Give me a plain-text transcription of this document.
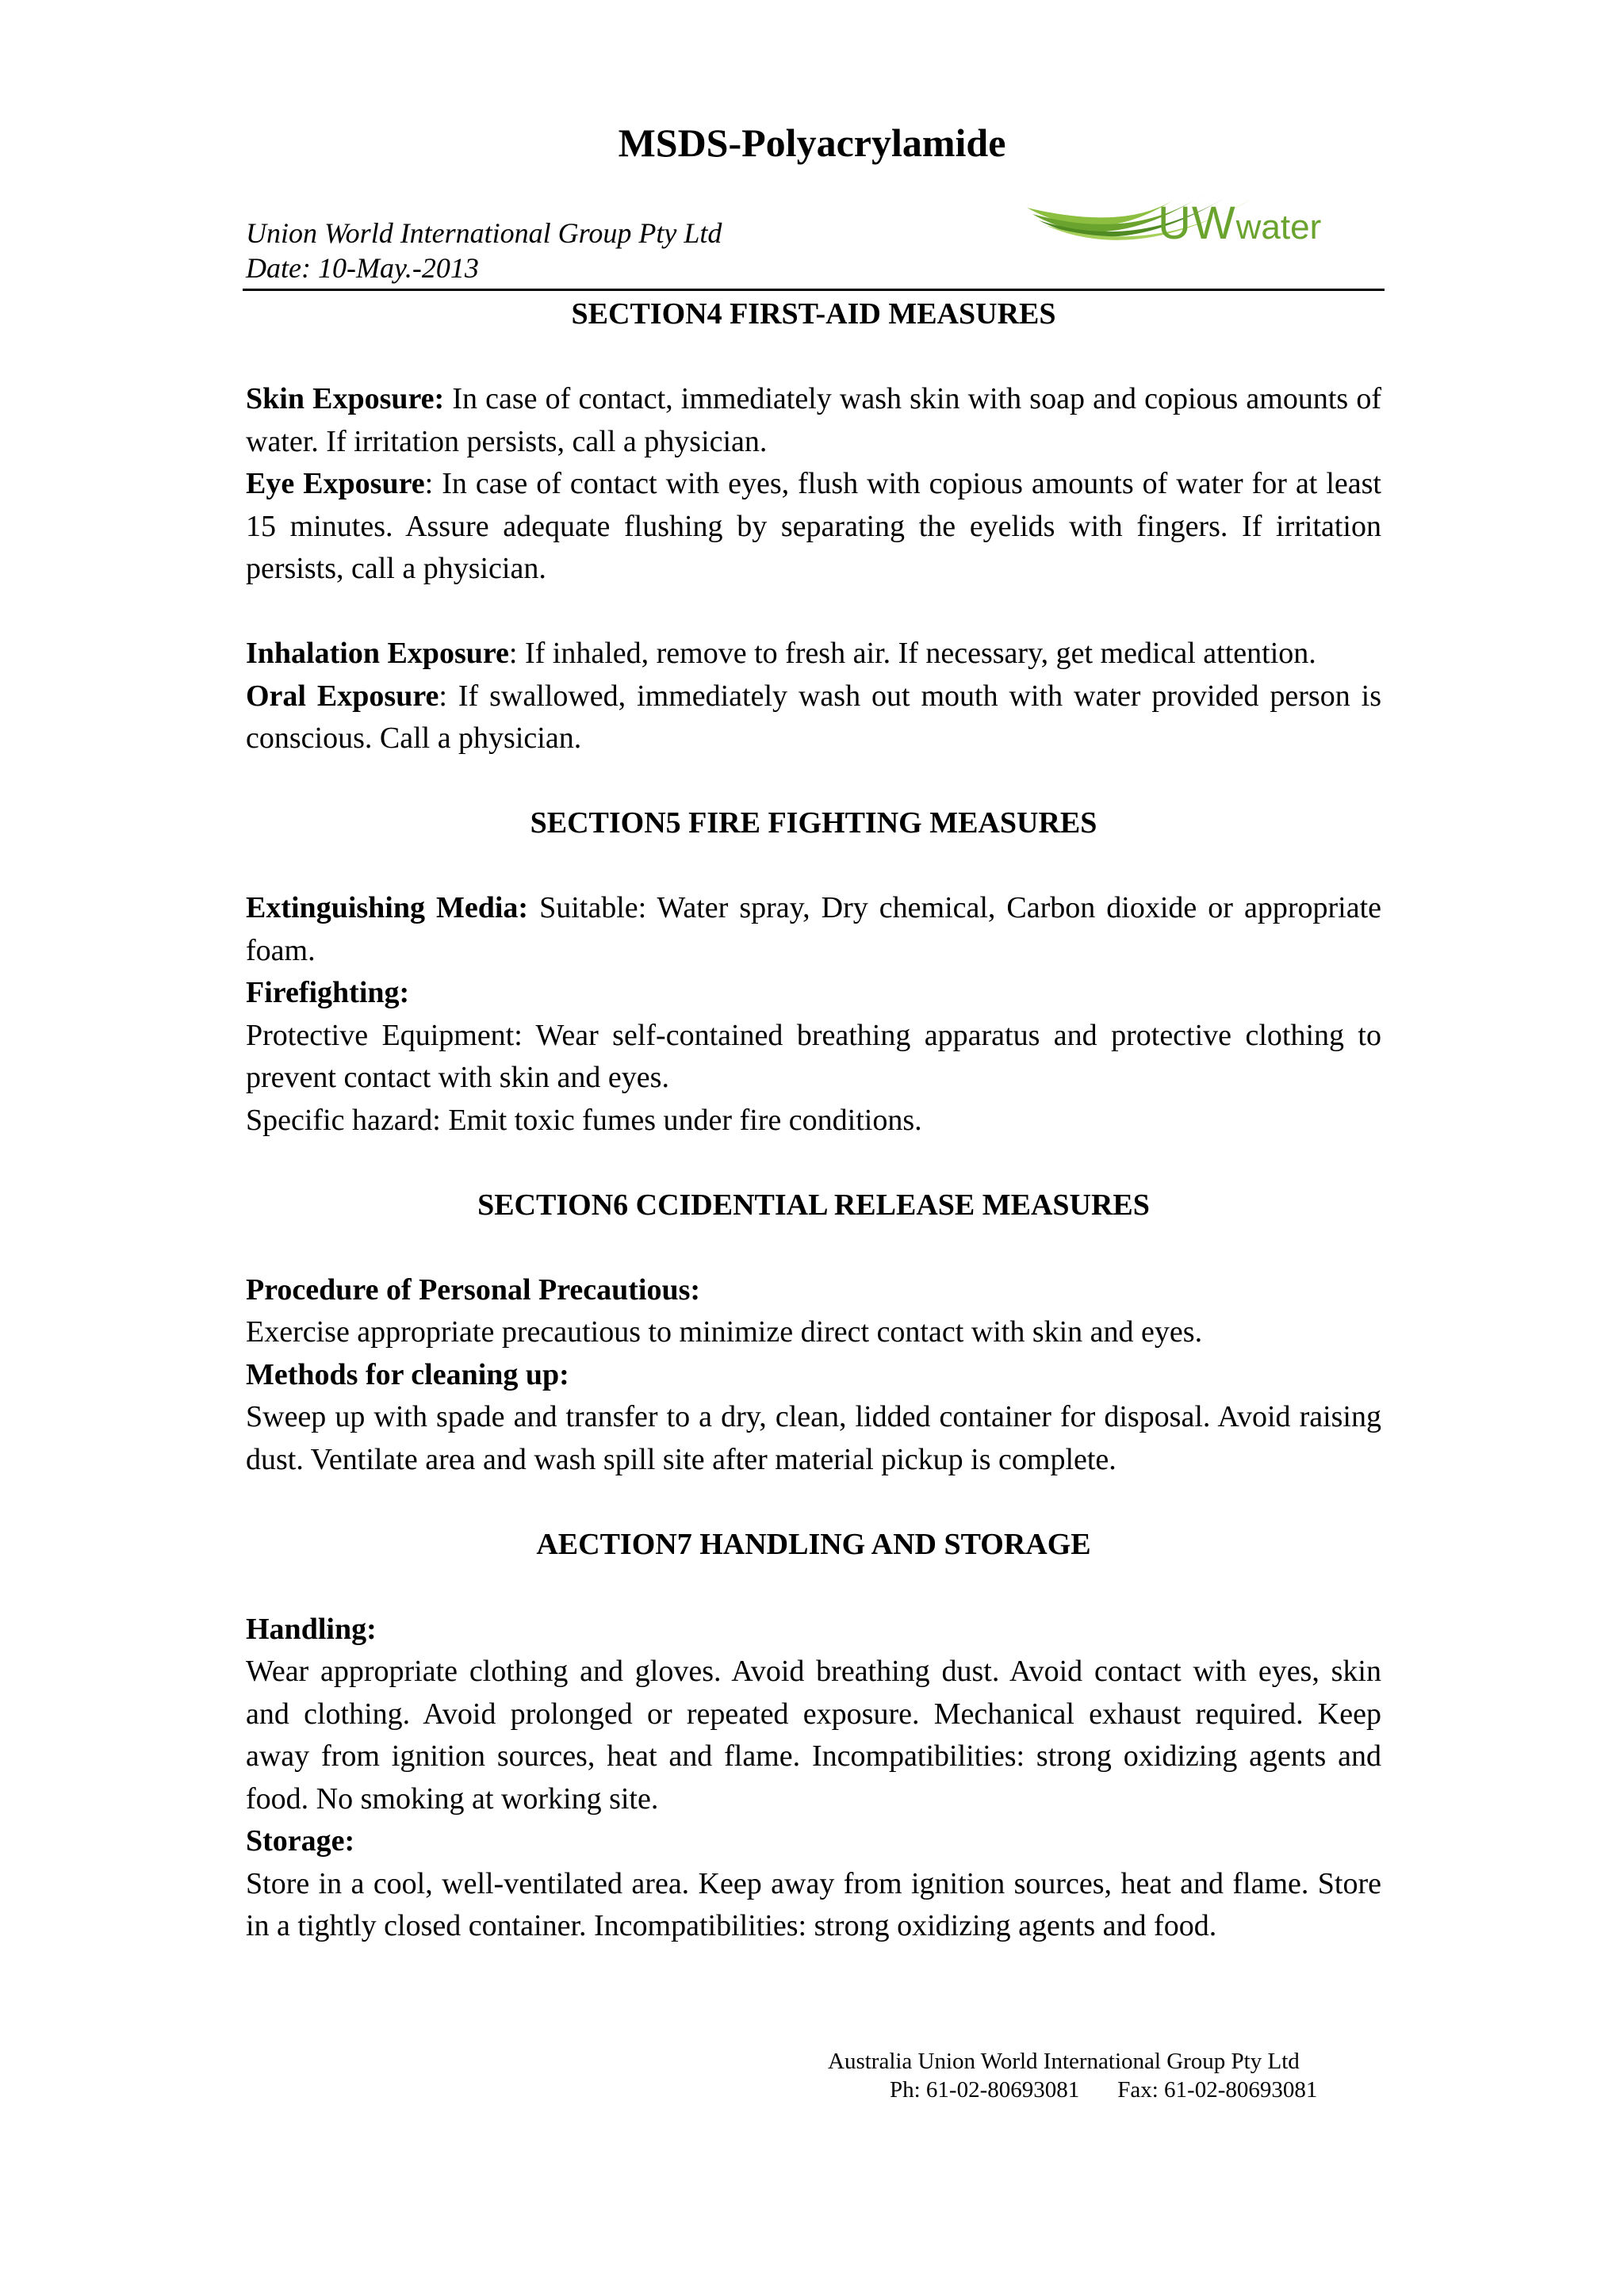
MSDS-Polyacrylamide
Union World International Group Pty Ltd
Date: 10-May.-2013
UWwater

SECTION4 FIRST-AID MEASURES

Skin Exposure: In case of contact, immediately wash skin with soap and copious amounts of water. If irritation persists, call a physician.

Eye Exposure: In case of contact with eyes, flush with copious amounts of water for at least 15 minutes. Assure adequate flushing by separating the eyelids with fingers. If irritation persists, call a physician.

Inhalation Exposure: If inhaled, remove to fresh air. If necessary, get medical attention.

Oral Exposure: If swallowed, immediately wash out mouth with water provided person is conscious. Call a physician.

SECTION5 FIRE FIGHTING MEASURES

Extinguishing Media: Suitable: Water spray, Dry chemical, Carbon dioxide or appropriate foam.

Firefighting:

Protective Equipment: Wear self-contained breathing apparatus and protective clothing to prevent contact with skin and eyes.

Specific hazard: Emit toxic fumes under fire conditions.

SECTION6 CCIDENTIAL RELEASE MEASURES

Procedure of Personal Precautious:

Exercise appropriate precautious to minimize direct contact with skin and eyes.

Methods for cleaning up:

Sweep up with spade and transfer to a dry, clean, lidded container for disposal. Avoid raising dust. Ventilate area and wash spill site after material pickup is complete.

AECTION7 HANDLING AND STORAGE

Handling:

Wear appropriate clothing and gloves. Avoid breathing dust. Avoid contact with eyes, skin and clothing. Avoid prolonged or repeated exposure. Mechanical exhaust required. Keep away from ignition sources, heat and flame. Incompatibilities: strong oxidizing agents and food. No smoking at working site.

Storage:

Store in a cool, well-ventilated area. Keep away from ignition sources, heat and flame. Store in a tightly closed container. Incompatibilities: strong oxidizing agents and food.

Australia Union World International Group Pty Ltd
Ph: 61-02-80693081 Fax: 61-02-80693081
